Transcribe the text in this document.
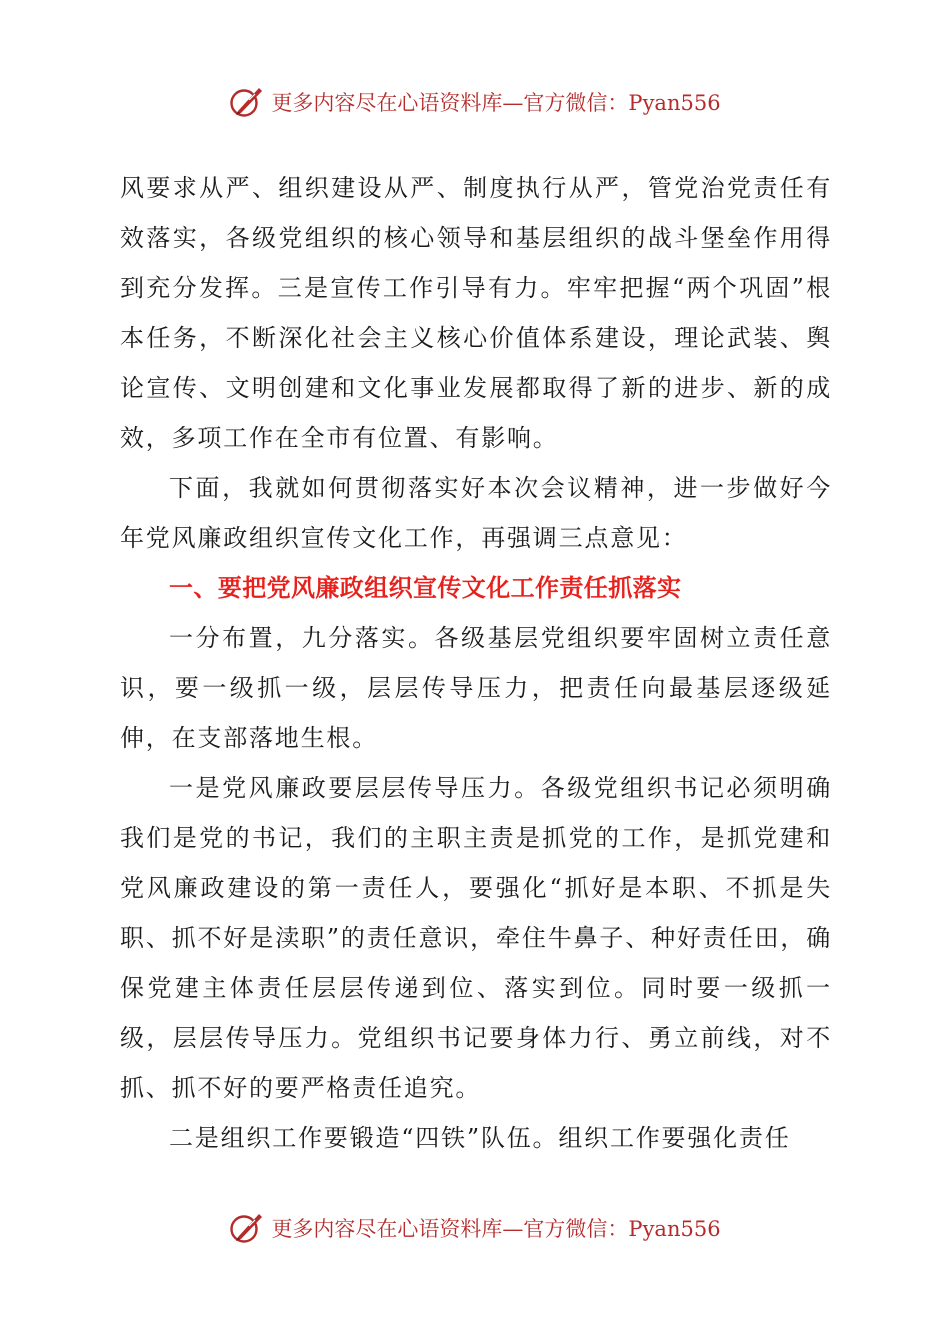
更多内容尽在心语资料库—官方微信：Pyan556

风要求从严、组织建设从严、制度执行从严，管党治党责任有效落实，各级党组织的核心领导和基层组织的战斗堡垒作用得到充分发挥。三是宣传工作引导有力。牢牢把握“两个巩固”根本任务，不断深化社会主义核心价值体系建设，理论武装、舆论宣传、文明创建和文化事业发展都取得了新的进步、新的成效，多项工作在全市有位置、有影响。

下面，我就如何贯彻落实好本次会议精神，进一步做好今年党风廉政组织宣传文化工作，再强调三点意见：

一、要把党风廉政组织宣传文化工作责任抓落实

一分布置，九分落实。各级基层党组织要牢固树立责任意识，要一级抓一级，层层传导压力，把责任向最基层逐级延伸，在支部落地生根。

一是党风廉政要层层传导压力。各级党组织书记必须明确我们是党的书记，我们的主职主责是抓党的工作，是抓党建和党风廉政建设的第一责任人，要强化“抓好是本职、不抓是失职、抓不好是渎职”的责任意识，牵住牛鼻子、种好责任田，确保党建主体责任层层传递到位、落实到位。同时要一级抓一级，层层传导压力。党组织书记要身体力行、勇立前线，对不抓、抓不好的要严格责任追究。

二是组织工作要锻造“四铁”队伍。组织工作要强化责任

更多内容尽在心语资料库—官方微信：Pyan556
